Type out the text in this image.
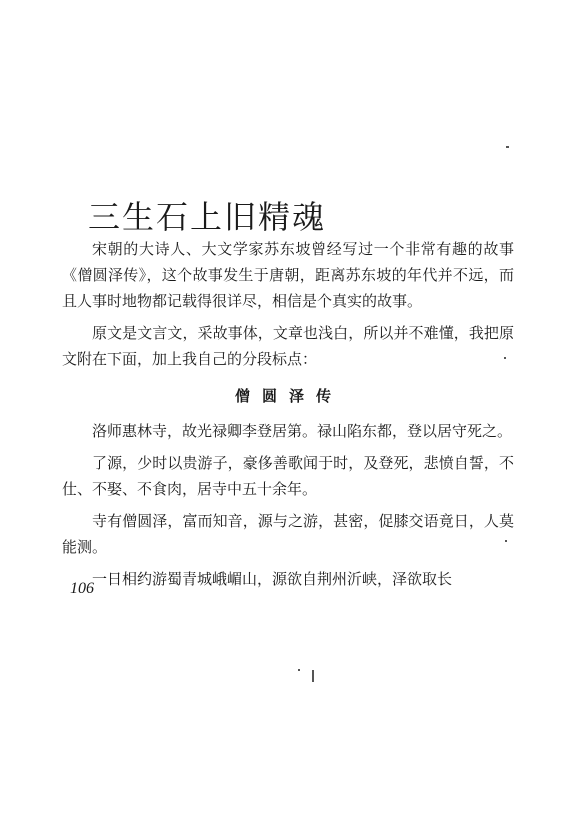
三生石上旧精魂

宋朝的大诗人、大文学家苏东坡曾经写过一个非常有趣的故事《僧圆泽传》，这个故事发生于唐朝，距离苏东坡的年代并不远，而且人事时地物都记载得很详尽，相信是个真实的故事。

原文是文言文，采故事体，文章也浅白，所以并不难懂，我把原文附在下面，加上我自己的分段标点：

僧圆泽传

洛师惠林寺，故光禄卿李登居第。禄山陷东都，登以居守死之。

了源，少时以贵游子，豪侈善歌闻于时，及登死，悲愤自誓，不仕、不娶、不食肉，居寺中五十余年。

寺有僧圆泽，富而知音，源与之游，甚密，促膝交语竟日，人莫能测。

一日相约游蜀青城峨嵋山，源欲自荆州沂峡，泽欲取长

106
